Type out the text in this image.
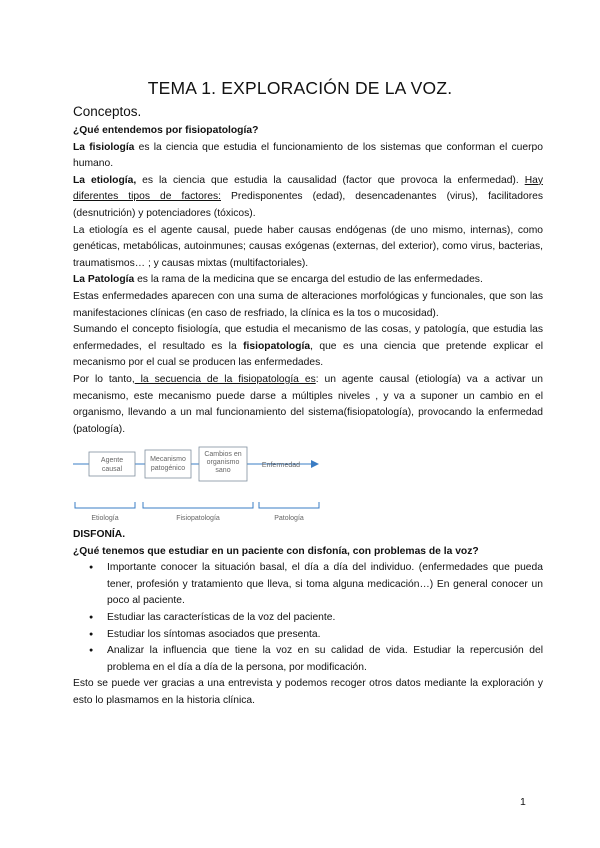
TEMA 1. EXPLORACIÓN DE LA VOZ.
Conceptos.

¿Qué entendemos por fisiopatología?

La fisiología es la ciencia que estudia el funcionamiento de los sistemas que conforman el cuerpo humano.

La etiología, es la ciencia que estudia la causalidad (factor que provoca la enfermedad). Hay diferentes tipos de factores: Predisponentes (edad), desencadenantes (virus), facilitadores (desnutrición) y potenciadores (tóxicos).

La etiología es el agente causal, puede haber causas endógenas (de uno mismo, internas), como genéticas, metabólicas, autoinmunes; causas exógenas (externas, del exterior), como virus, bacterias, traumatismos… ; y causas mixtas (multifactoriales).

La Patología es la rama de la medicina que se encarga del estudio de las enfermedades.

Estas enfermedades aparecen con una suma de alteraciones morfológicas y funcionales, que son las manifestaciones clínicas (en caso de resfriado, la clínica es la tos o mucosidad).

Sumando el concepto fisiología, que estudia el mecanismo de las cosas, y patología, que estudia las enfermedades, el resultado es la fisiopatología, que es una ciencia que pretende explicar el mecanismo por el cual se producen las enfermedades.

Por lo tanto, la secuencia de la fisiopatología es: un agente causal (etiología) va a activar un mecanismo, este mecanismo puede darse a múltiples niveles , y va a suponer un cambio en el organismo, llevando a un mal funcionamiento del sistema(fisiopatología), provocando la enfermedad (patología).

Agente
causal
Mecanismo
patogénico
Cambios en
organismo
sano
Enfermedad
Etiología	Fisiopatología	Patología

DISFONÍA.

¿Qué tenemos que estudiar en un paciente con disfonía, con problemas de la voz?

● Importante conocer la situación basal, el día a día del individuo. (enfermedades que pueda tener, profesión y tratamiento que lleva, si toma alguna medicación…) En general conocer un poco al paciente.
● Estudiar las características de la voz del paciente.
● Estudiar los síntomas asociados que presenta.
● Analizar la influencia que tiene la voz en su calidad de vida. Estudiar la repercusión del problema en el día a día de la persona, por modificación.

Esto se puede ver gracias a una entrevista y podemos recoger otros datos mediante la exploración y esto lo plasmamos en la historia clínica.

1
